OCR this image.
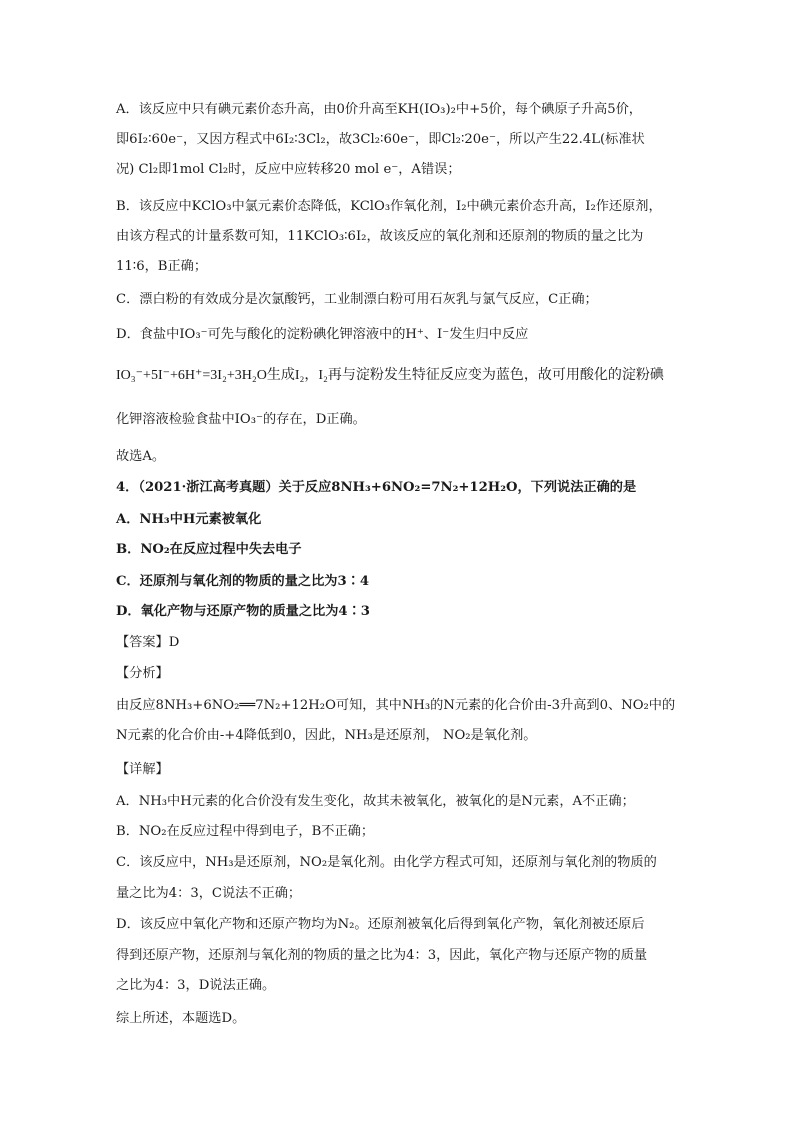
A．该反应中只有碘元素价态升高，由0价升高至KH(IO₃)₂中+5价，每个碘原子升高5价，
即6I₂∶60e⁻，又因方程式中6I₂∶3Cl₂，故3Cl₂∶60e⁻，即Cl₂∶20e⁻，所以产生22.4L(标准状
况) Cl₂即1mol Cl₂时，反应中应转移20 mol e⁻，A错误；
B．该反应中KClO₃中氯元素价态降低，KClO₃作氧化剂，I₂中碘元素价态升高，I₂作还原剂，
由该方程式的计量系数可知，11KClO₃∶6I₂，故该反应的氧化剂和还原剂的物质的量之比为
11∶6，B正确；
C．漂白粉的有效成分是次氯酸钙，工业制漂白粉可用石灰乳与氯气反应，C正确；
D．食盐中IO₃⁻可先与酸化的淀粉碘化钾溶液中的H⁺、I⁻发生归中反应
IO₃⁻+5I⁻+6H⁺=3I₂+3H₂O生成I₂，I₂再与淀粉发生特征反应变为蓝色，故可用酸化的淀粉碘
化钾溶液检验食盐中IO₃⁻的存在，D正确。
故选A。
4．（2021·浙江高考真题）关于反应8NH₃+6NO₂=7N₂+12H₂O，下列说法正确的是
A．NH₃中H元素被氧化
B．NO₂在反应过程中失去电子
C．还原剂与氧化剂的物质的量之比为3∶4
D．氧化产物与还原产物的质量之比为4∶3
【答案】D
【分析】
由反应8NH₃+6NO₂══7N₂+12H₂O可知，其中NH₃的N元素的化合价由-3升高到0、NO₂中的
N元素的化合价由-+4降低到0，因此，NH₃是还原剂， NO₂是氧化剂。
【详解】
A．NH₃中H元素的化合价没有发生变化，故其未被氧化，被氧化的是N元素，A不正确；
B．NO₂在反应过程中得到电子，B不正确；
C．该反应中，NH₃是还原剂，NO₂是氧化剂。由化学方程式可知，还原剂与氧化剂的物质的
量之比为4：3，C说法不正确；
D．该反应中氧化产物和还原产物均为N₂。还原剂被氧化后得到氧化产物，氧化剂被还原后
得到还原产物，还原剂与氧化剂的物质的量之比为4：3，因此，氧化产物与还原产物的质量
之比为4：3，D说法正确。
综上所述，本题选D。
